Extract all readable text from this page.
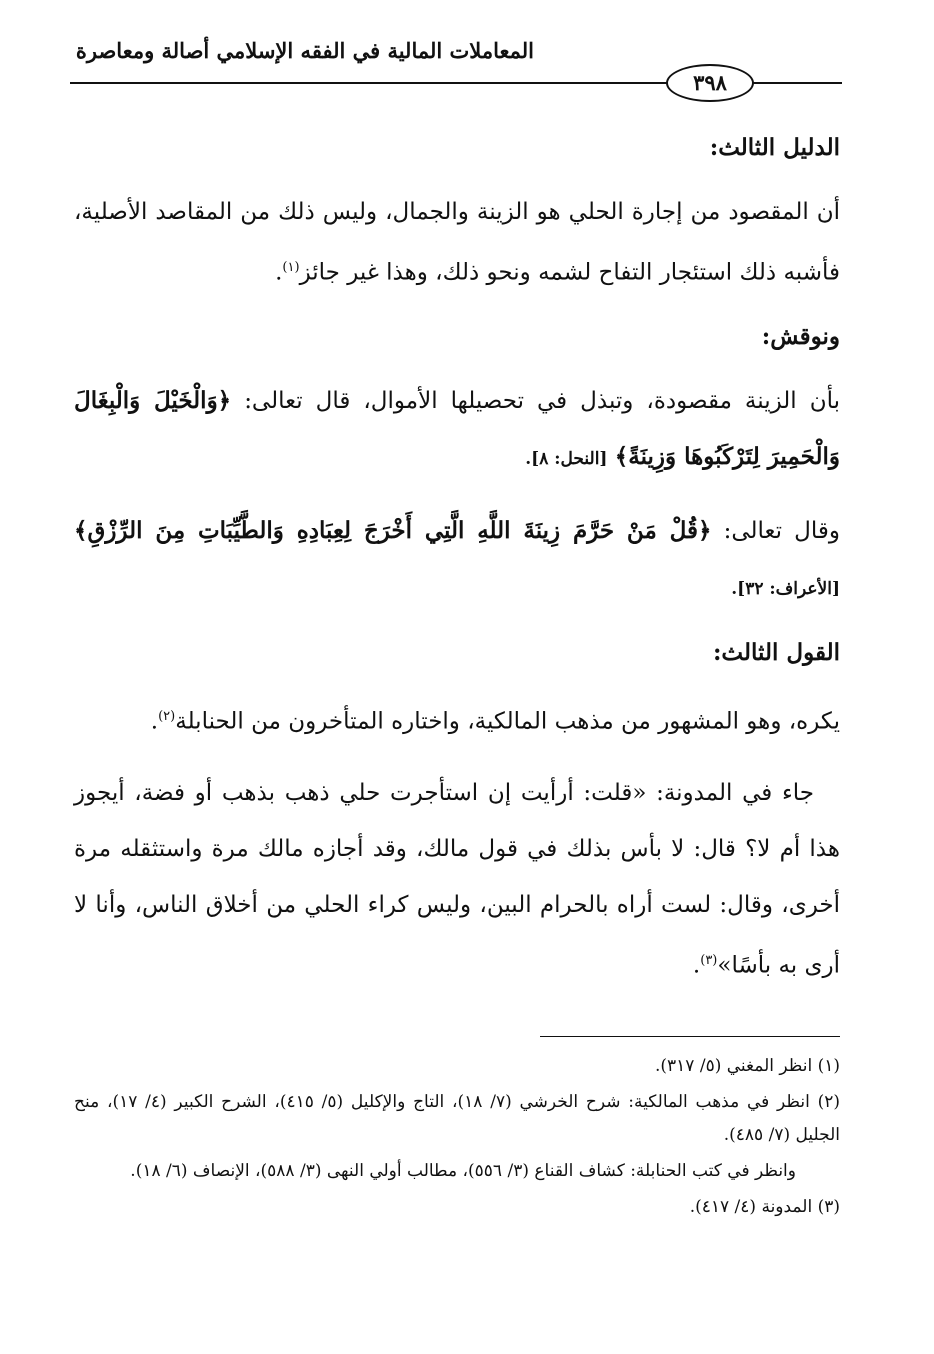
المعاملات المالية في الفقه الإسلامي أصالة ومعاصرة
٣٩٨
الدليل الثالث:

أن المقصود من إجارة الحلي هو الزينة والجمال، وليس ذلك من المقاصد الأصلية، فأشبه ذلك استئجار التفاح لشمه ونحو ذلك، وهذا غير جائز$^{(١)}$.

ونوقش:

بأن الزينة مقصودة، وتبذل في تحصيلها الأموال، قال تعالى: ﴿وَالْخَيْلَ وَالْبِغَالَ وَالْحَمِيرَ لِتَرْكَبُوهَا وَزِينَةً﴾ [النحل: ٨].

وقال تعالى: ﴿قُلْ مَنْ حَرَّمَ زِينَةَ اللَّهِ الَّتِي أَخْرَجَ لِعِبَادِهِ وَالطَّيِّبَاتِ مِنَ الرِّزْقِ﴾ [الأعراف: ٣٢].

القول الثالث:

يكره، وهو المشهور من مذهب المالكية، واختاره المتأخرون من الحنابلة$^{(٢)}$.

جاء في المدونة: «قلت: أرأيت إن استأجرت حلي ذهب بذهب أو فضة، أيجوز هذا أم لا؟ قال: لا بأس بذلك في قول مالك، وقد أجازه مالك مرة واستثقله مرة أخرى، وقال: لست أراه بالحرام البين، وليس كراء الحلي من أخلاق الناس، وأنا لا أرى به بأسًا»$^{(٣)}$.

(١) انظر المغني (٥/ ٣١٧).

(٢) انظر في مذهب المالكية: شرح الخرشي (٧/ ١٨)، التاج والإكليل (٥/ ٤١٥)، الشرح الكبير (٤/ ١٧)، منح الجليل (٧/ ٤٨٥).

وانظر في كتب الحنابلة: كشاف القناع (٣/ ٥٥٦)، مطالب أولي النهى (٣/ ٥٨٨)، الإنصاف (٦/ ١٨).

(٣) المدونة (٤/ ٤١٧).
